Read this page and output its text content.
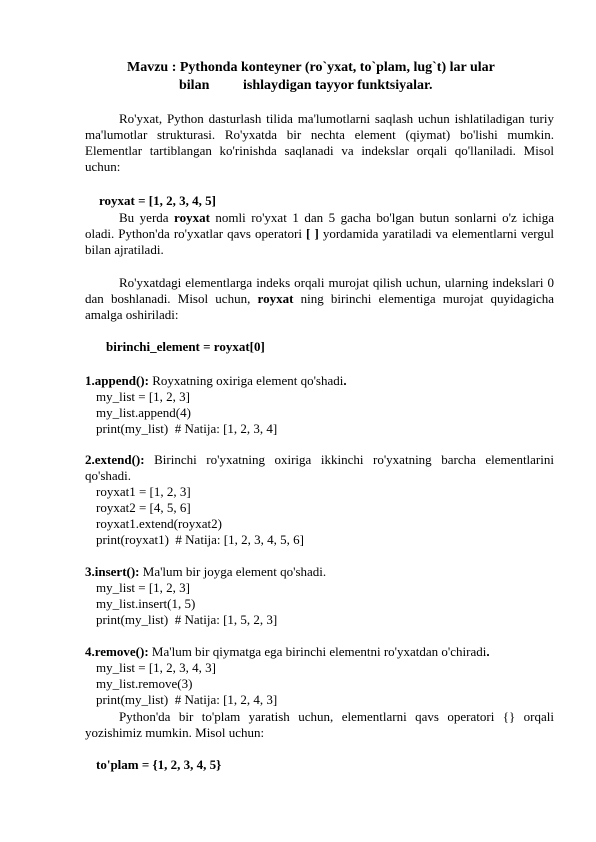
Mavzu : Pythonda konteyner (ro`yxat, to`plam, lug`t) lar ular
bilan ishlaydigan tayyor funktsiyalar.
Ro'yxat, Python dasturlash tilida ma'lumotlarni saqlash uchun ishlatiladigan turiy ma'lumotlar strukturasi. Ro'yxatda bir nechta element (qiymat) bo'lishi mumkin. Elementlar tartiblangan ko'rinishda saqlanadi va indekslar orqali qo'llaniladi. Misol uchun:
royxat = [1, 2, 3, 4, 5]
Bu yerda royxat nomli ro'yxat 1 dan 5 gacha bo'lgan butun sonlarni o'z ichiga oladi. Python'da ro'yxatlar qavs operatori [ ] yordamida yaratiladi va elementlarni vergul bilan ajratiladi.
Ro'yxatdagi elementlarga indeks orqali murojat qilish uchun, ularning indekslari 0 dan boshlanadi. Misol uchun, royxat ning birinchi elementiga murojat quyidagicha amalga oshiriladi:
birinchi_element = royxat[0]
1.append(): Royxatning oxiriga element qo'shadi.
my_list = [1, 2, 3]
my_list.append(4)
print(my_list)  # Natija: [1, 2, 3, 4]
2.extend(): Birinchi ro'yxatning oxiriga ikkinchi ro'yxatning barcha elementlarini qo'shadi.
royxat1 = [1, 2, 3]
royxat2 = [4, 5, 6]
royxat1.extend(royxat2)
print(royxat1)  # Natija: [1, 2, 3, 4, 5, 6]
3.insert(): Ma'lum bir joyga element qo'shadi.
my_list = [1, 2, 3]
my_list.insert(1, 5)
print(my_list)  # Natija: [1, 5, 2, 3]
4.remove(): Ma'lum bir qiymatga ega birinchi elementni ro'yxatdan o'chiradi.
my_list = [1, 2, 3, 4, 3]
my_list.remove(3)
print(my_list)  # Natija: [1, 2, 4, 3]
Python'da bir to'plam yaratish uchun, elementlarni qavs operatori {} orqali yozishimiz mumkin. Misol uchun:
to'plam = {1, 2, 3, 4, 5}
